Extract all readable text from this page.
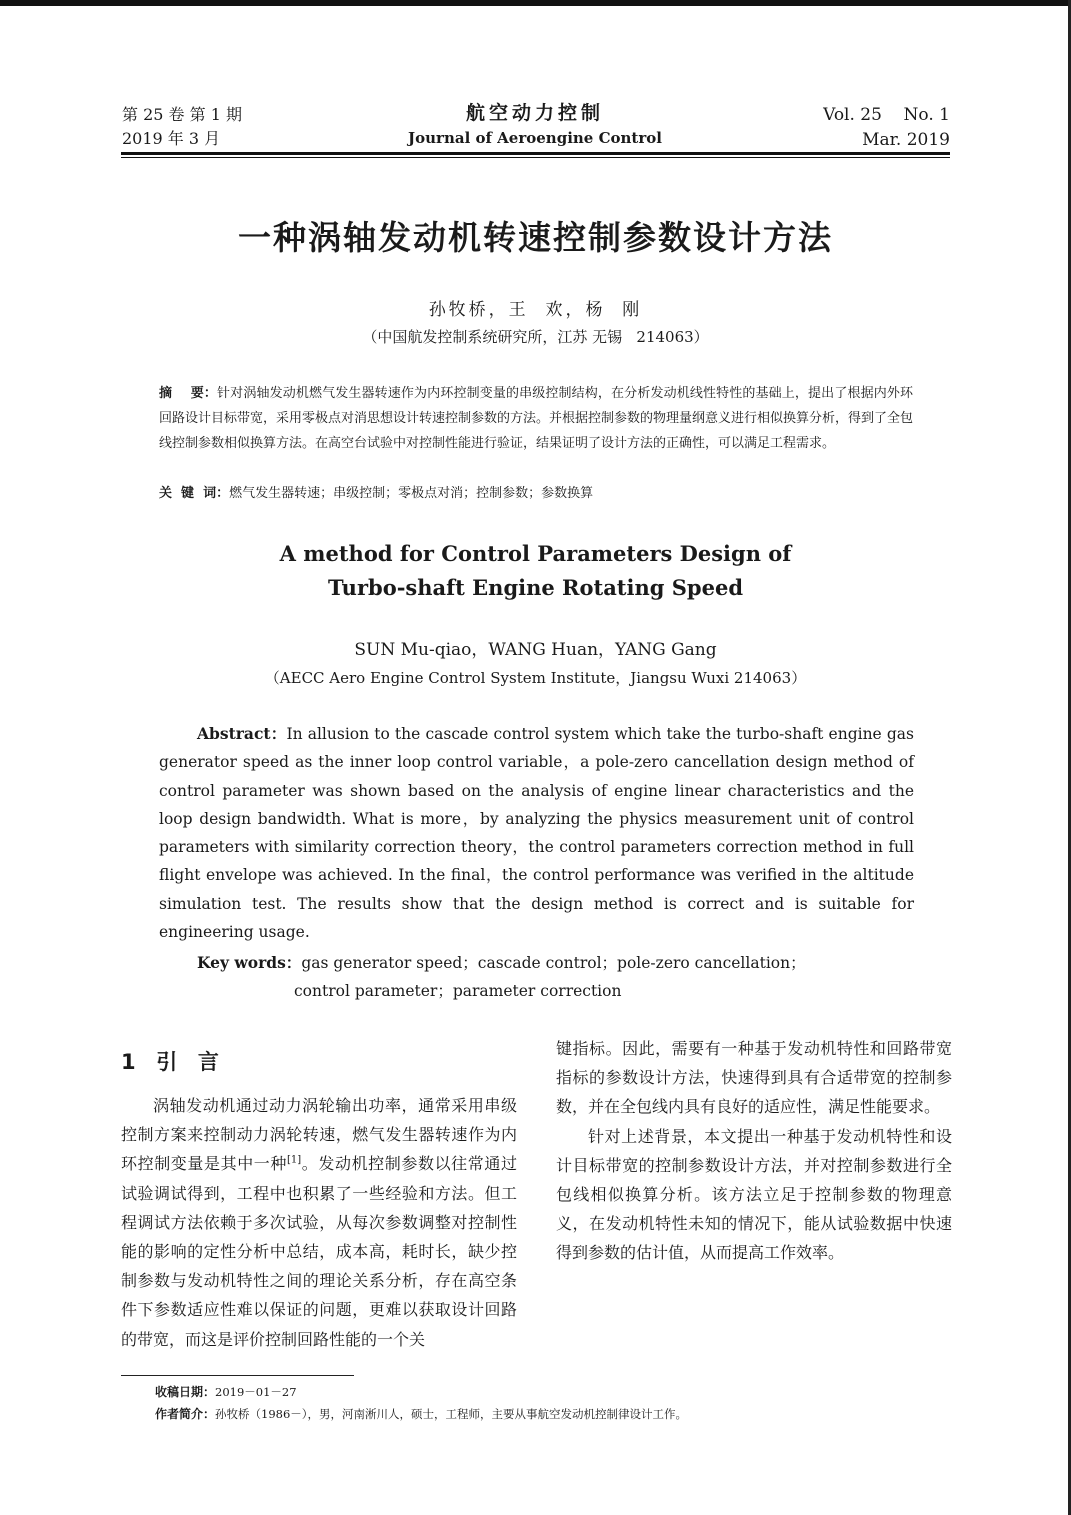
第 25 卷 第 1 期
2019 年 3 月
航空动力控制
Journal of Aeroengine Control
Vol. 25    No. 1
Mar. 2019
一种涡轴发动机转速控制参数设计方法
孙牧桥，王  欢，杨  刚
（中国航发控制系统研究所，江苏 无锡   214063）
摘    要：针对涡轴发动机燃气发生器转速作为内环控制变量的串级控制结构，在分析发动机线性特性的基础上，提出了根据内外环回路设计目标带宽，采用零极点对消思想设计转速控制参数的方法。并根据控制参数的物理量纲意义进行相似换算分析，得到了全包线控制参数相似换算方法。在高空台试验中对控制性能进行验证，结果证明了设计方法的正确性，可以满足工程需求。
关  键  词：燃气发生器转速；串级控制；零极点对消；控制参数；参数换算
A method for Control Parameters Design of
Turbo-shaft Engine Rotating Speed
SUN Mu-qiao，WANG Huan，YANG Gang
（AECC Aero Engine Control System Institute，Jiangsu Wuxi 214063）
Abstract：In allusion to the cascade control system which take the turbo-shaft engine gas generator speed as the inner loop control variable，a pole-zero cancellation design method of control parameter was shown based on the analysis of engine linear characteristics and the loop design bandwidth. What is more，by analyzing the physics measurement unit of control parameters with similarity correction theory，the control parameters correction method in full flight envelope was achieved. In the final，the control performance was verified in the altitude simulation test. The results show that the design method is correct and is suitable for engineering usage.
Key words：gas generator speed；cascade control；pole-zero cancellation；
control parameter；parameter correction
1  引  言

涡轴发动机通过动力涡轮输出功率，通常采用串级控制方案来控制动力涡轮转速，燃气发生器转速作为内环控制变量是其中一种[1]。发动机控制参数以往常通过试验调试得到，工程中也积累了一些经验和方法。但工程调试方法依赖于多次试验，从每次参数调整对控制性能的影响的定性分析中总结，成本高，耗时长，缺少控制参数与发动机特性之间的理论关系分析，存在高空条件下参数适应性难以保证的问题，更难以获取设计回路的带宽，而这是评价控制回路性能的一个关

键指标。因此，需要有一种基于发动机特性和回路带宽指标的参数设计方法，快速得到具有合适带宽的控制参数，并在全包线内具有良好的适应性，满足性能要求。

针对上述背景，本文提出一种基于发动机特性和设计目标带宽的控制参数设计方法，并对控制参数进行全包线相似换算分析。该方法立足于控制参数的物理意义，在发动机特性未知的情况下，能从试验数据中快速得到参数的估计值，从而提高工作效率。

收稿日期：2019－01－27
作者简介：孙牧桥（1986－），男，河南淅川人，硕士，工程师，主要从事航空发动机控制律设计工作。
